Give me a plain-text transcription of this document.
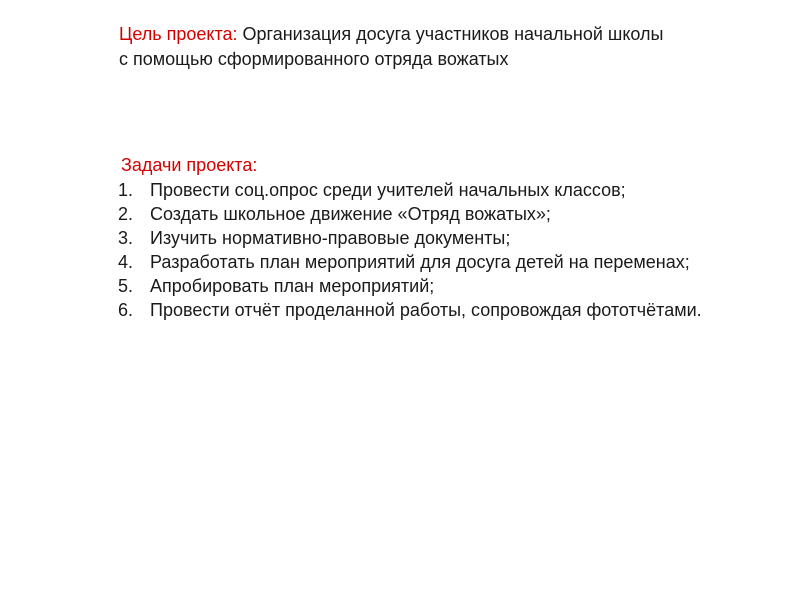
Цель проекта: Организация досуга участников начальной школы
с помощью сформированного отряда вожатых
Задачи проекта:
1. Провести соц.опрос среди учителей начальных классов;
2. Создать школьное движение «Отряд вожатых»;
3. Изучить нормативно-правовые документы;
4. Разработать план мероприятий для досуга детей на переменах;
5. Апробировать план мероприятий;
6. Провести отчёт проделанной работы, сопровождая фототчётами.
